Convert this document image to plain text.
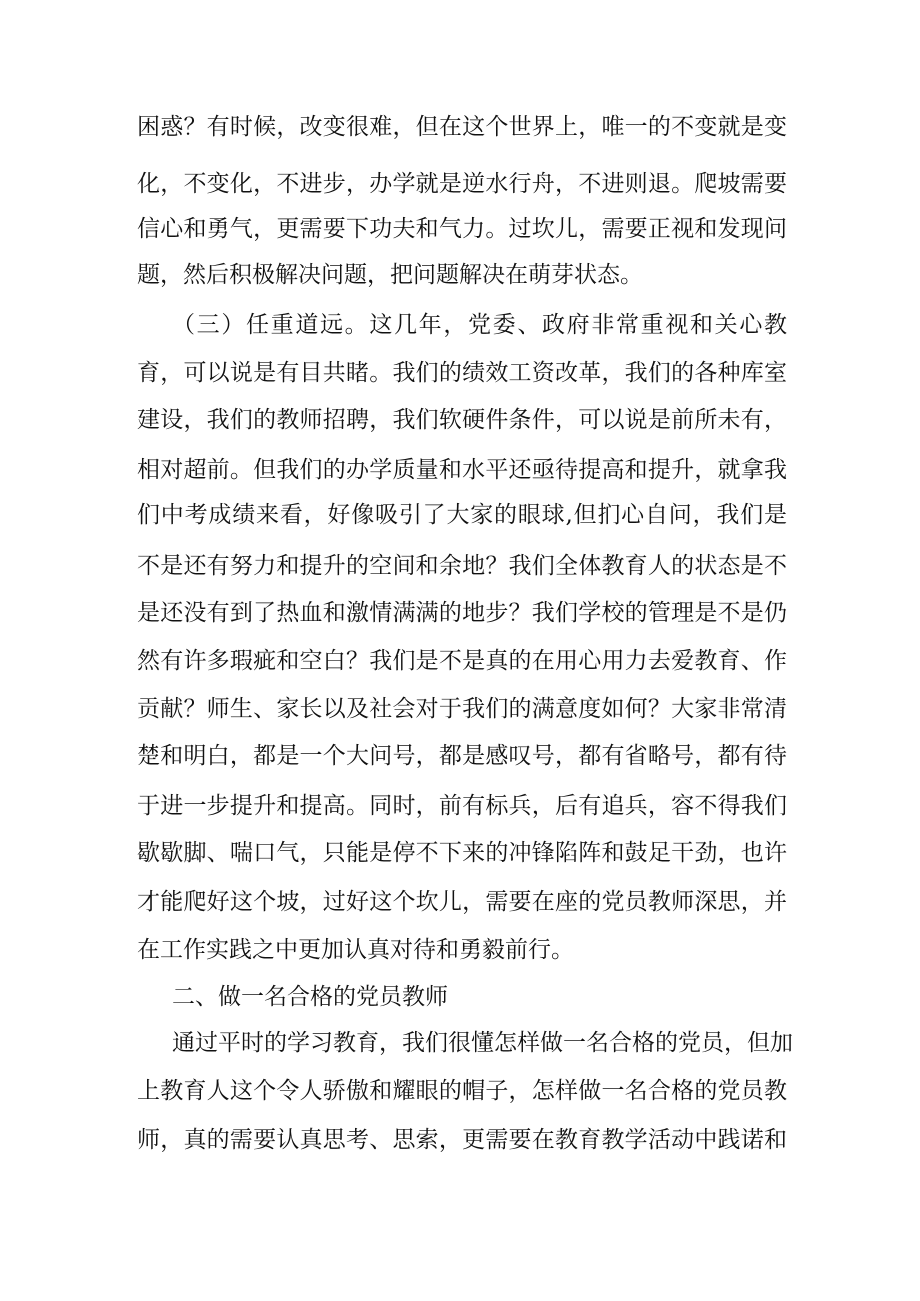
困惑？有时候，改变很难，但在这个世界上，唯一的不变就是变
化，不变化，不进步，办学就是逆水行舟，不进则退。爬坡需要
信心和勇气，更需要下功夫和气力。过坎儿，需要正视和发现问
题，然后积极解决问题，把问题解决在萌芽状态。
（三）任重道远。这几年，党委、政府非常重视和关心教
育，可以说是有目共睹。我们的绩效工资改革，我们的各种库室
建设，我们的教师招聘，我们软硬件条件，可以说是前所未有，
相对超前。但我们的办学质量和水平还亟待提高和提升，就拿我
们中考成绩来看，好像吸引了大家的眼球,但扪心自问，我们是
不是还有努力和提升的空间和余地？我们全体教育人的状态是不
是还没有到了热血和激情满满的地步？我们学校的管理是不是仍
然有许多瑕疵和空白？我们是不是真的在用心用力去爱教育、作
贡献？师生、家长以及社会对于我们的满意度如何？大家非常清
楚和明白，都是一个大问号，都是感叹号，都有省略号，都有待
于进一步提升和提高。同时，前有标兵，后有追兵，容不得我们
歇歇脚、喘口气，只能是停不下来的冲锋陷阵和鼓足干劲，也许
才能爬好这个坡，过好这个坎儿，需要在座的党员教师深思，并
在工作实践之中更加认真对待和勇毅前行。
二、做一名合格的党员教师
通过平时的学习教育，我们很懂怎样做一名合格的党员，但加
上教育人这个令人骄傲和耀眼的帽子，怎样做一名合格的党员教
师，真的需要认真思考、思索，更需要在教育教学活动中践诺和
